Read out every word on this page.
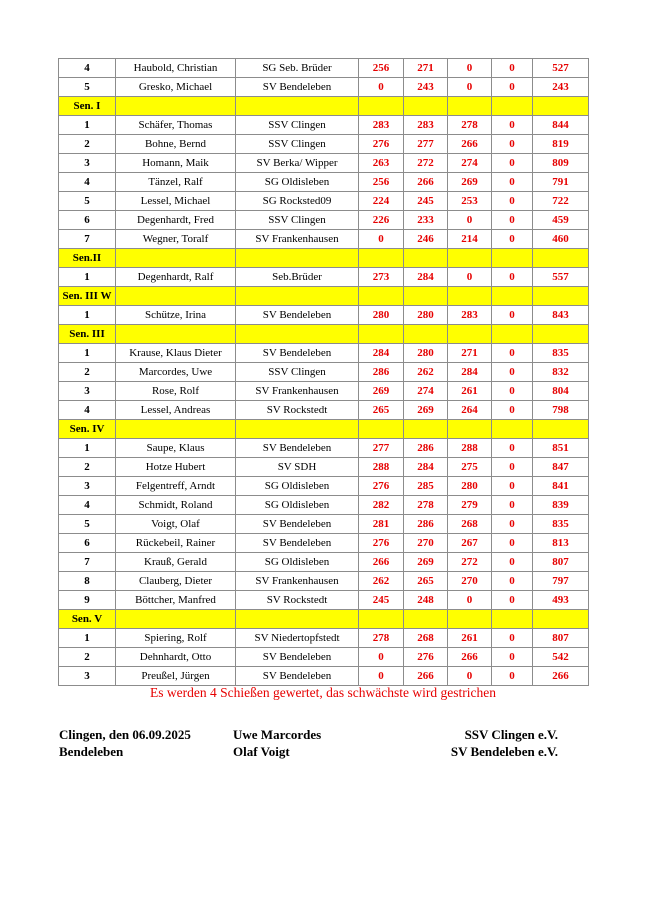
4	Haubold, Christian	SG Seb. Brüder	256	271	0	0	527
5	Gresko, Michael	SV Bendeleben	0	243	0	0	243
Sen. I							
1	Schäfer, Thomas	SSV Clingen	283	283	278	0	844
2	Bohne, Bernd	SSV Clingen	276	277	266	0	819
3	Homann, Maik	SV Berka/ Wipper	263	272	274	0	809
4	Tänzel, Ralf	SG Oldisleben	256	266	269	0	791
5	Lessel, Michael	SG Rocksted09	224	245	253	0	722
6	Degenhardt, Fred	SSV Clingen	226	233	0	0	459
7	Wegner, Toralf	SV Frankenhausen	0	246	214	0	460
Sen.II							
1	Degenhardt, Ralf	Seb.Brüder	273	284	0	0	557
Sen. III W							
1	Schütze, Irina	SV Bendeleben	280	280	283	0	843
Sen. III							
1	Krause, Klaus Dieter	SV Bendeleben	284	280	271	0	835
2	Marcordes, Uwe	SSV Clingen	286	262	284	0	832
3	Rose, Rolf	SV Frankenhausen	269	274	261	0	804
4	Lessel, Andreas	SV Rockstedt	265	269	264	0	798
Sen. IV							
1	Saupe, Klaus	SV Bendeleben	277	286	288	0	851
2	Hotze Hubert	SV SDH	288	284	275	0	847
3	Felgentreff, Arndt	SG Oldisleben	276	285	280	0	841
4	Schmidt, Roland	SG Oldisleben	282	278	279	0	839
5	Voigt, Olaf	SV Bendeleben	281	286	268	0	835
6	Rückebeil, Rainer	SV Bendeleben	276	270	267	0	813
7	Krauß, Gerald	SG Oldisleben	266	269	272	0	807
8	Clauberg, Dieter	SV Frankenhausen	262	265	270	0	797
9	Böttcher, Manfred	SV Rockstedt	245	248	0	0	493
Sen. V							
1	Spiering, Rolf	SV Niedertopfstedt	278	268	261	0	807
2	Dehnhardt, Otto	SV Bendeleben	0	276	266	0	542
3	Preußel, Jürgen	SV Bendeleben	0	266	0	0	266
Es werden 4 Schießen gewertet, das schwächste wird gestrichen
Clingen, den 06.09.2025
Bendeleben
Uwe Marcordes
Olaf Voigt
SSV Clingen e.V.
SV Bendeleben e.V.
